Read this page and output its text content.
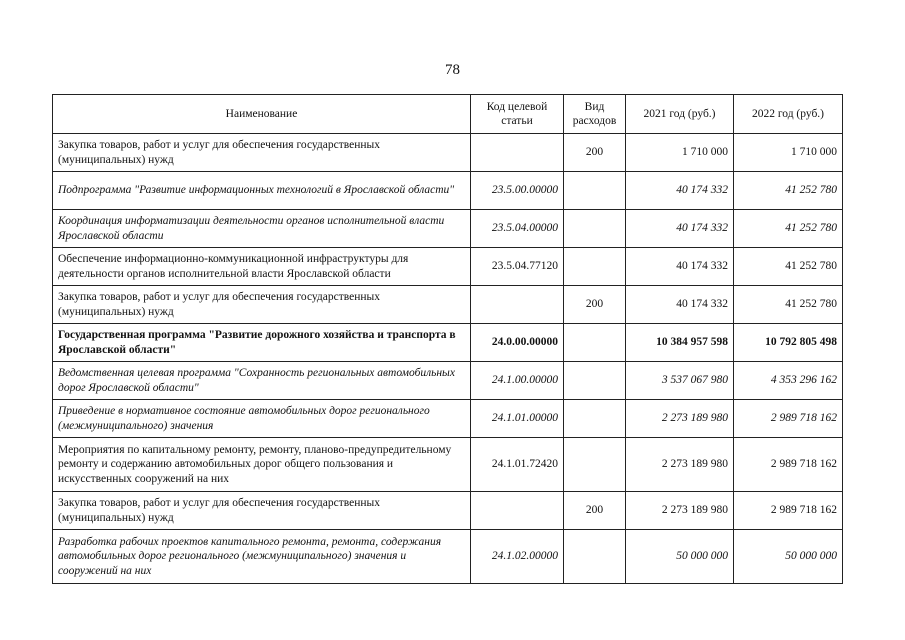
78
Наименование	Код целевой статьи	Вид расходов	2021 год (руб.)	2022 год (руб.)
Закупка товаров, работ и услуг для обеспечения государственных (муниципальных) нужд		200	1 710 000	1 710 000
Подпрограмма "Развитие информационных технологий в Ярославской области"	23.5.00.00000		40 174 332	41 252 780
Координация информатизации деятельности органов исполнительной власти Ярославской области	23.5.04.00000		40 174 332	41 252 780
Обеспечение информационно-коммуникационной инфраструктуры для деятельности органов исполнительной власти Ярославской области	23.5.04.77120		40 174 332	41 252 780
Закупка товаров, работ и услуг для обеспечения государственных (муниципальных) нужд		200	40 174 332	41 252 780
Государственная программа "Развитие дорожного хозяйства и транспорта в Ярославской области"	24.0.00.00000		10 384 957 598	10 792 805 498
Ведомственная целевая программа "Сохранность региональных автомобильных дорог Ярославской области"	24.1.00.00000		3 537 067 980	4 353 296 162
Приведение в нормативное состояние автомобильных дорог регионального (межмуниципального) значения	24.1.01.00000		2 273 189 980	2 989 718 162
Мероприятия по капитальному ремонту, ремонту, планово-предупредительному ремонту и содержанию автомобильных дорог общего пользования и искусственных сооружений на них	24.1.01.72420		2 273 189 980	2 989 718 162
Закупка товаров, работ и услуг для обеспечения государственных (муниципальных) нужд		200	2 273 189 980	2 989 718 162
Разработка рабочих проектов капитального ремонта, ремонта, содержания автомобильных дорог регионального (межмуниципального) значения и сооружений на них	24.1.02.00000		50 000 000	50 000 000
